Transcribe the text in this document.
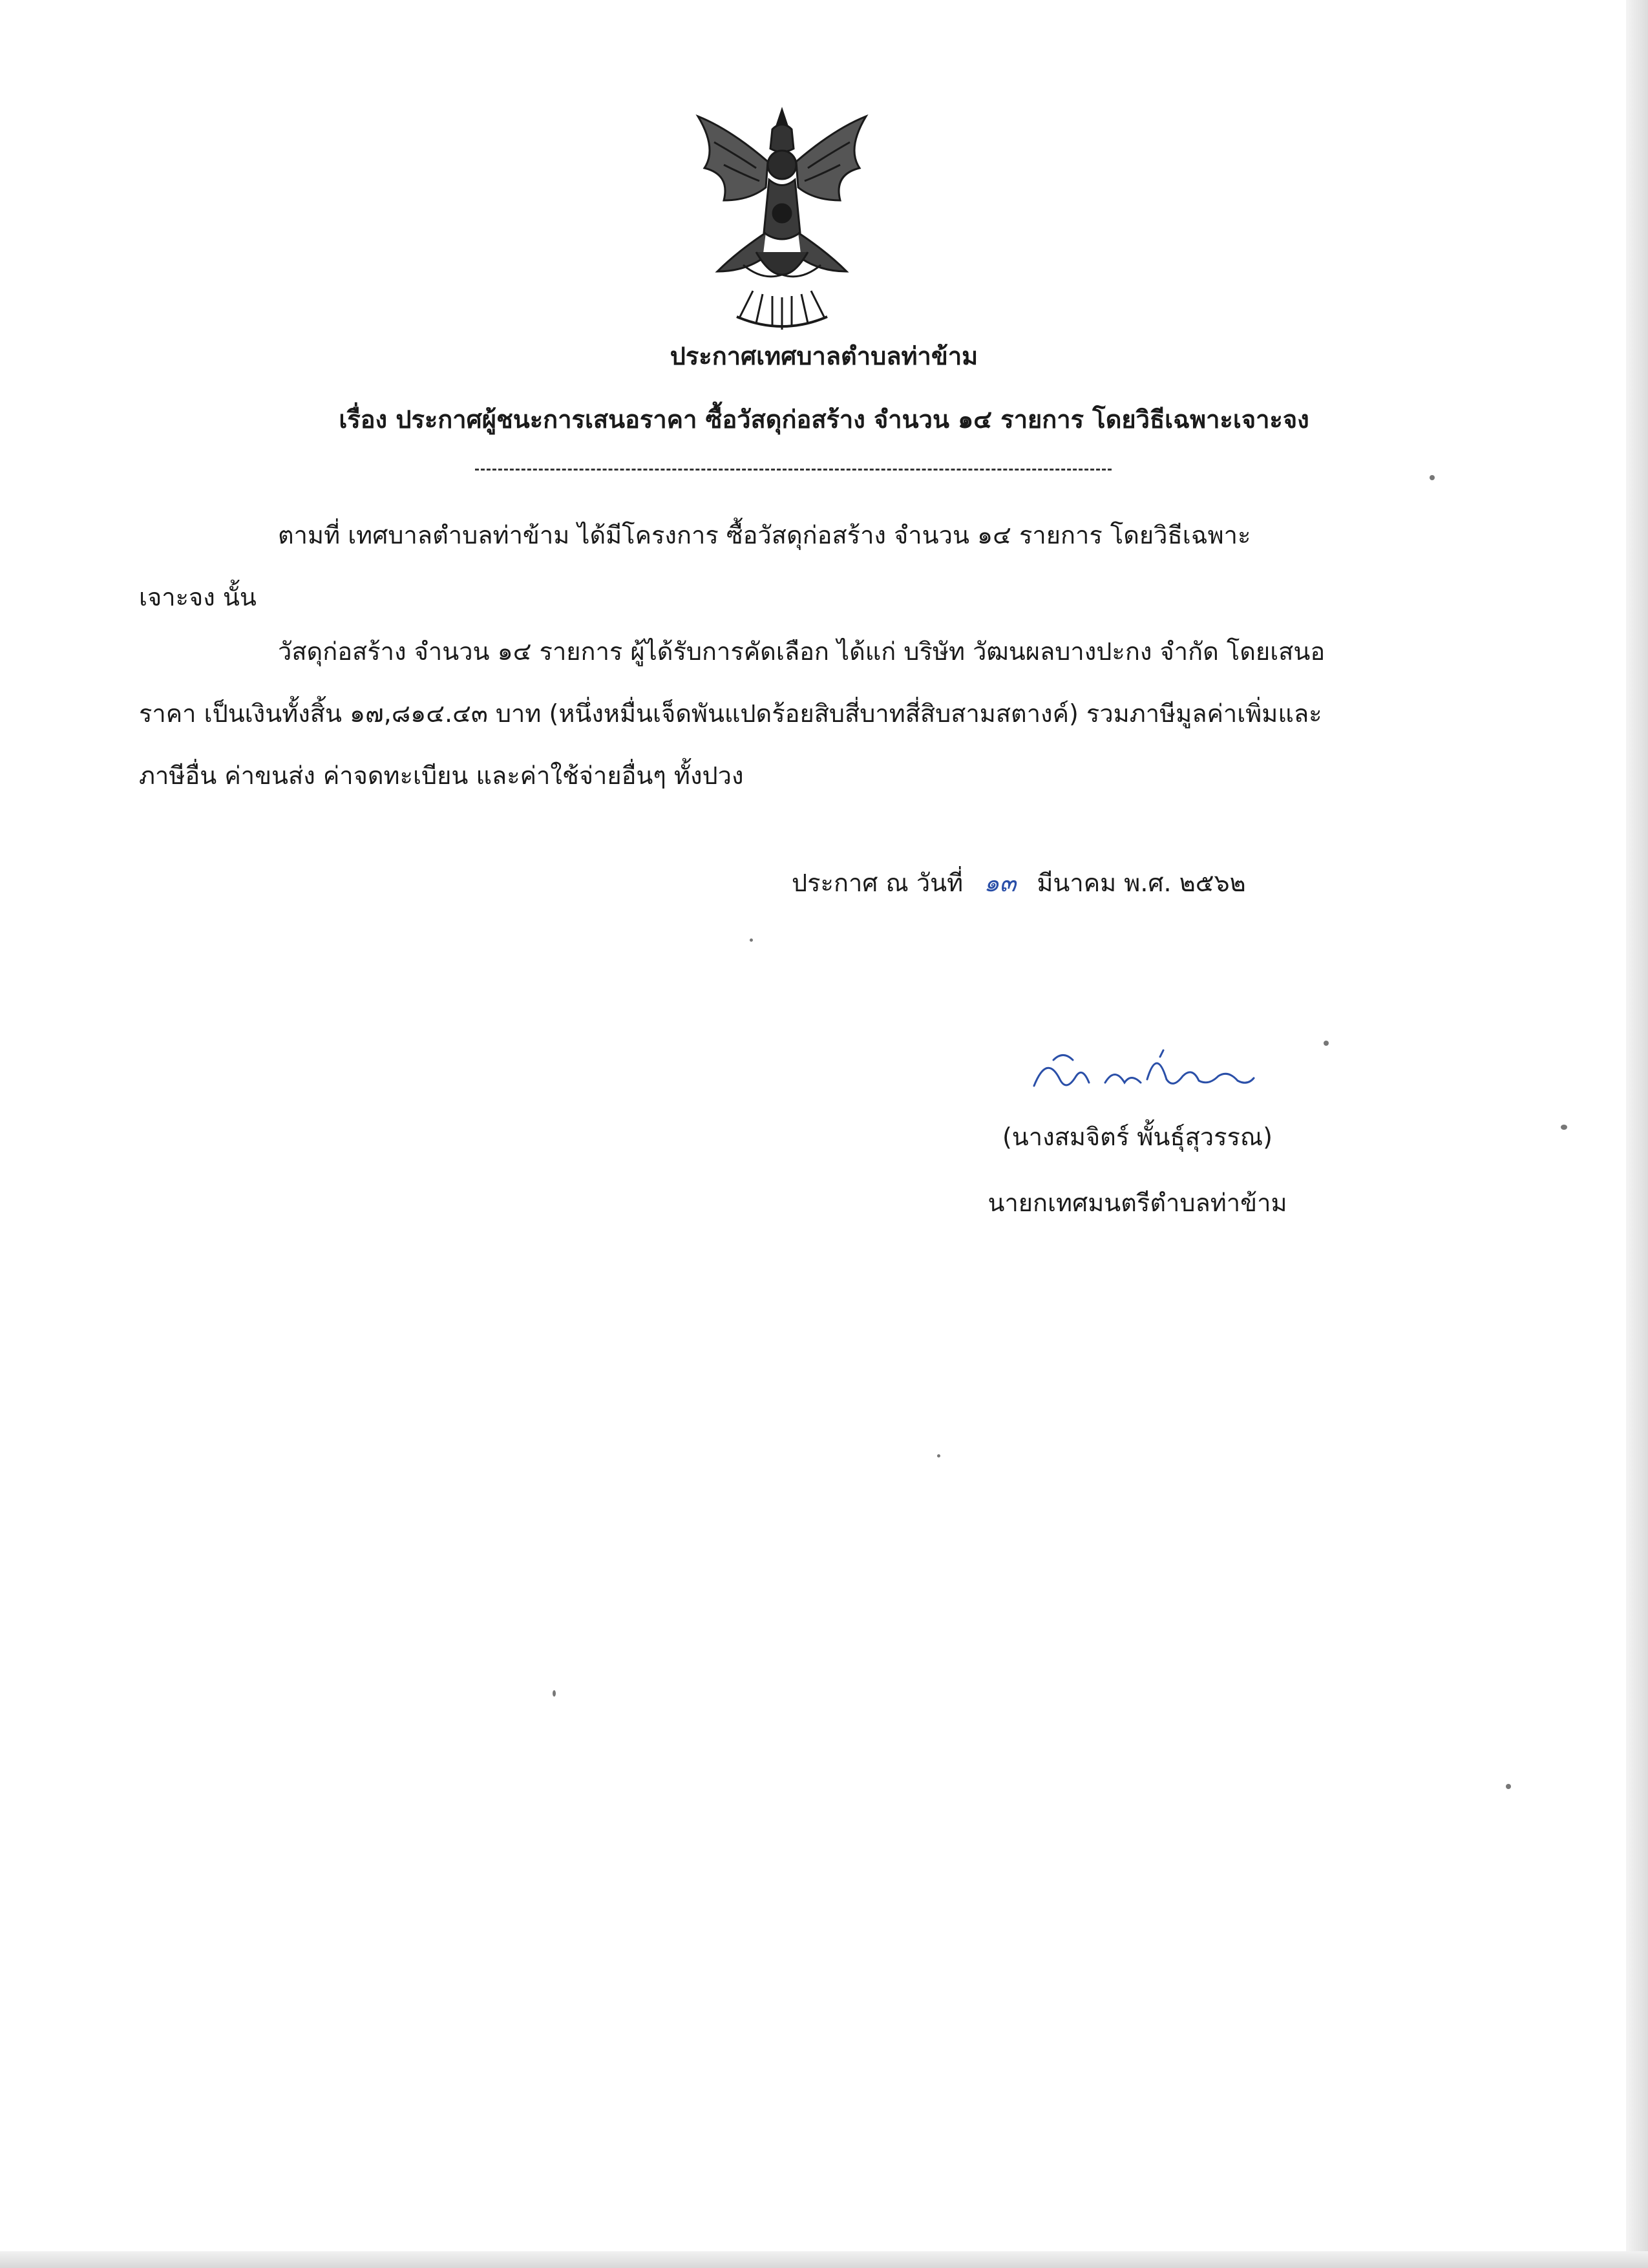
ประกาศเทศบาลตำบลท่าข้าม
เรื่อง ประกาศผู้ชนะการเสนอราคา ซื้อวัสดุก่อสร้าง จำนวน ๑๔ รายการ โดยวิธีเฉพาะเจาะจง
ตามที่ เทศบาลตำบลท่าข้าม ได้มีโครงการ ซื้อวัสดุก่อสร้าง จำนวน ๑๔ รายการ โดยวิธีเฉพาะ
เจาะจง นั้น
วัสดุก่อสร้าง จำนวน ๑๔ รายการ ผู้ได้รับการคัดเลือก ได้แก่ บริษัท วัฒนผลบางปะกง จำกัด โดยเสนอ
ราคา เป็นเงินทั้งสิ้น ๑๗,๘๑๔.๔๓ บาท (หนึ่งหมื่นเจ็ดพันแปดร้อยสิบสี่บาทสี่สิบสามสตางค์) รวมภาษีมูลค่าเพิ่มและ
ภาษีอื่น ค่าขนส่ง ค่าจดทะเบียน และค่าใช้จ่ายอื่นๆ ทั้งปวง
ประกาศ ณ วันที่ ๑๓ มีนาคม พ.ศ. ๒๕๖๒
(นางสมจิตร์ พั้นธุ์สุวรรณ)
นายกเทศมนตรีตำบลท่าข้าม
